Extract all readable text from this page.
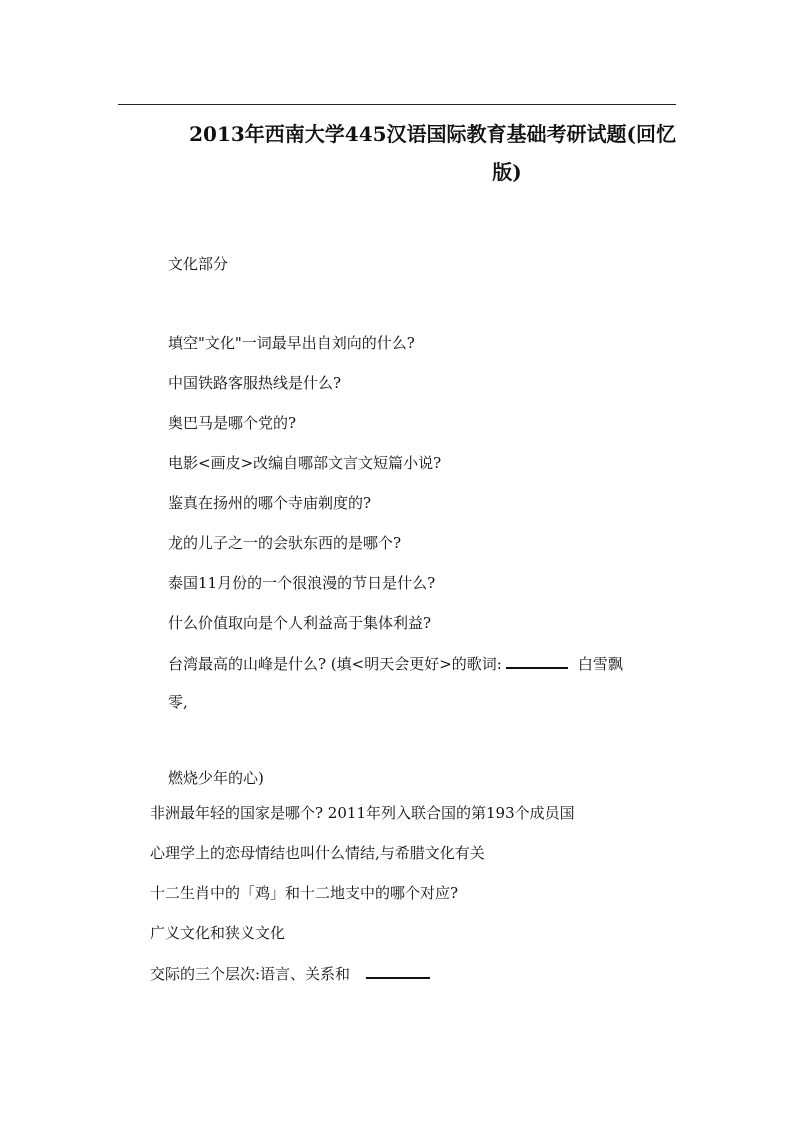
2013年西南大学445汉语国际教育基础考研试题(回忆
版)
文化部分
填空"文化"一词最早出自刘向的什么?
中国铁路客服热线是什么?
奥巴马是哪个党的?
电影<画皮>改编自哪部文言文短篇小说?
鉴真在扬州的哪个寺庙剃度的?
龙的儿子之一的会驮东西的是哪个?
泰国11月份的一个很浪漫的节日是什么?
什么价值取向是个人利益高于集体利益?
台湾最高的山峰是什么? (填<明天会更好>的歌词:	白雪飘
零,
燃烧少年的心)
非洲最年轻的国家是哪个? 2011年列入联合国的第193个成员国
心理学上的恋母情结也叫什么情结,与希腊文化有关
十二生肖中的「鸡」和十二地支中的哪个对应?
广义文化和狭义文化
交际的三个层次:语言、关系和
